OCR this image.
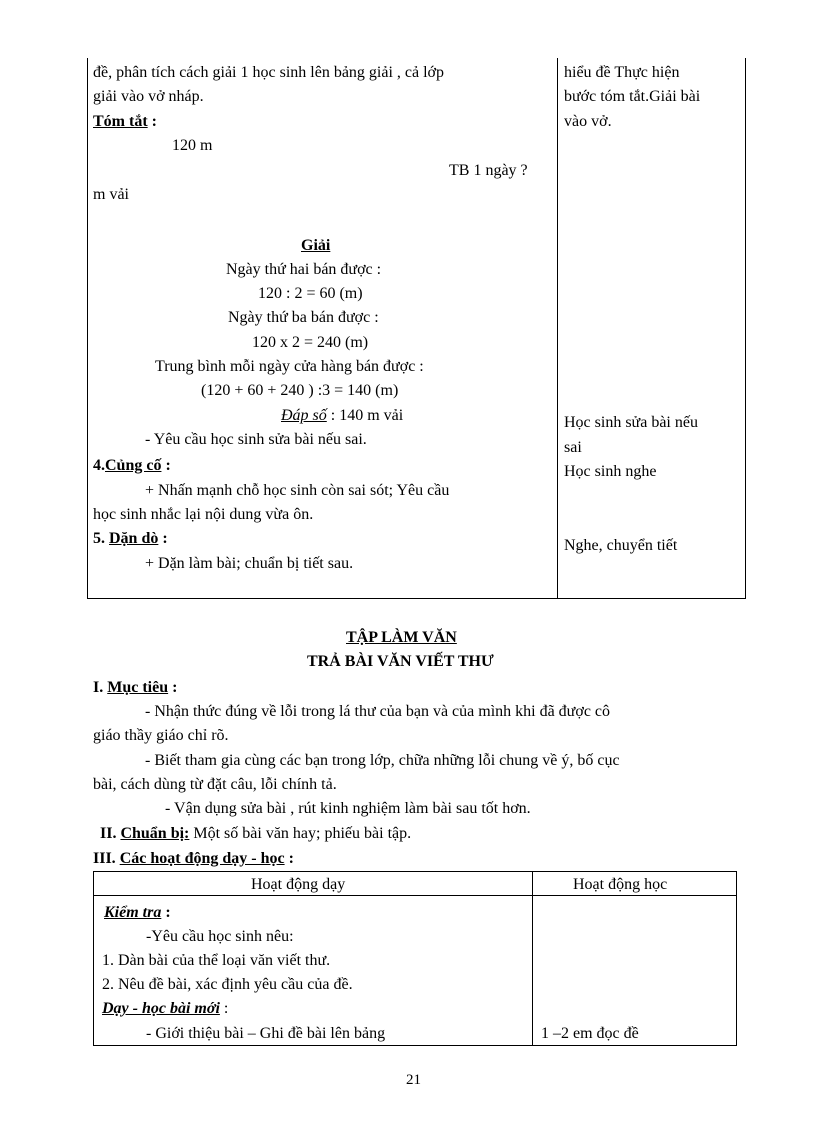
đề, phân tích cách giải 1 học sinh lên bảng giải , cả lớp
giải vào vở nháp.
Tóm tắt :
120 m
TB 1 ngày ?
m vải
Giải
Ngày thứ hai bán được :
120 : 2 = 60 (m)
Ngày thứ ba bán được :
120 x 2 = 240 (m)
Trung bình mỗi ngày cửa hàng bán được :
(120 + 60 + 240 ) :3 = 140 (m)
Đáp số : 140 m vải
- Yêu cầu học sinh sửa bài nếu sai.
4.Củng cố :
+ Nhấn mạnh chỗ học sinh còn sai sót; Yêu cầu
học sinh nhắc lại nội dung vừa ôn.
5. Dặn dò :
+ Dặn làm bài; chuẩn bị tiết sau.
hiểu đề Thực hiện
bước tóm tắt.Giải bài
vào vở.
Học sinh sửa bài nếu
sai
Học sinh nghe
Nghe, chuyển tiết
TẬP LÀM VĂN
TRẢ BÀI VĂN VIẾT THƯ
I. Mục tiêu :
- Nhận thức đúng về lỗi trong lá thư của bạn và của mình khi đã được cô
giáo thầy giáo chỉ rõ.
- Biết tham gia cùng các bạn trong lớp, chữa những lỗi chung về ý, bố cục
bài, cách dùng từ đặt câu, lỗi chính tả.
- Vận dụng sửa bài , rút kinh nghiệm làm bài sau tốt hơn.
II. Chuẩn bị: Một số bài văn hay; phiếu bài tập.
III. Các hoạt động dạy - học :
Hoạt động dạy	Hoạt động học
Kiểm tra :
-Yêu cầu học sinh nêu:
1. Dàn bài của thể loại văn viết thư.
2. Nêu đề bài, xác định yêu cầu của đề.
Dạy - học bài mới :
- Giới thiệu bài – Ghi đề bài lên bảng	1 –2 em đọc đề
21
